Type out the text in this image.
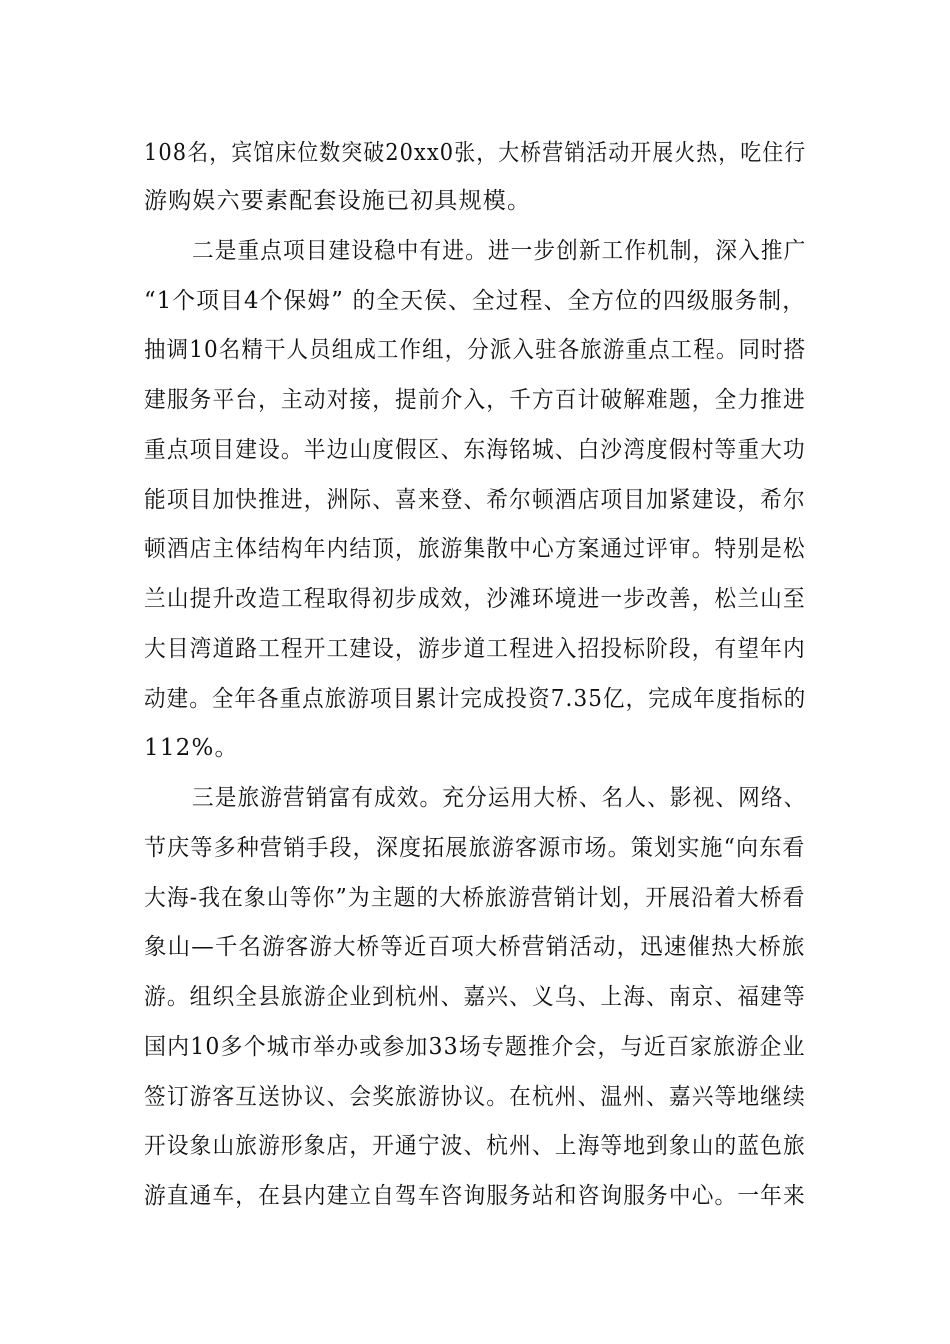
108名，宾馆床位数突破20xx0张，大桥营销活动开展火热，吃住行
游购娱六要素配套设施已初具规模。
二是重点项目建设稳中有进。进一步创新工作机制，深入推广
“1个项目4个保姆” 的全天侯、全过程、全方位的四级服务制，
抽调10名精干人员组成工作组，分派入驻各旅游重点工程。同时搭
建服务平台，主动对接，提前介入，千方百计破解难题，全力推进
重点项目建设。半边山度假区、东海铭城、白沙湾度假村等重大功
能项目加快推进，洲际、喜来登、希尔顿酒店项目加紧建设，希尔
顿酒店主体结构年内结顶，旅游集散中心方案通过评审。特别是松
兰山提升改造工程取得初步成效，沙滩环境进一步改善，松兰山至
大目湾道路工程开工建设，游步道工程进入招投标阶段，有望年内
动建。全年各重点旅游项目累计完成投资7.35亿，完成年度指标的
112%。
三是旅游营销富有成效。充分运用大桥、名人、影视、网络、
节庆等多种营销手段，深度拓展旅游客源市场。策划实施“向东看
大海-我在象山等你”为主题的大桥旅游营销计划，开展沿着大桥看
象山—千名游客游大桥等近百项大桥营销活动，迅速催热大桥旅
游。组织全县旅游企业到杭州、嘉兴、义乌、上海、南京、福建等
国内10多个城市举办或参加33场专题推介会，与近百家旅游企业
签订游客互送协议、会奖旅游协议。在杭州、温州、嘉兴等地继续
开设象山旅游形象店，开通宁波、杭州、上海等地到象山的蓝色旅
游直通车，在县内建立自驾车咨询服务站和咨询服务中心。一年来
